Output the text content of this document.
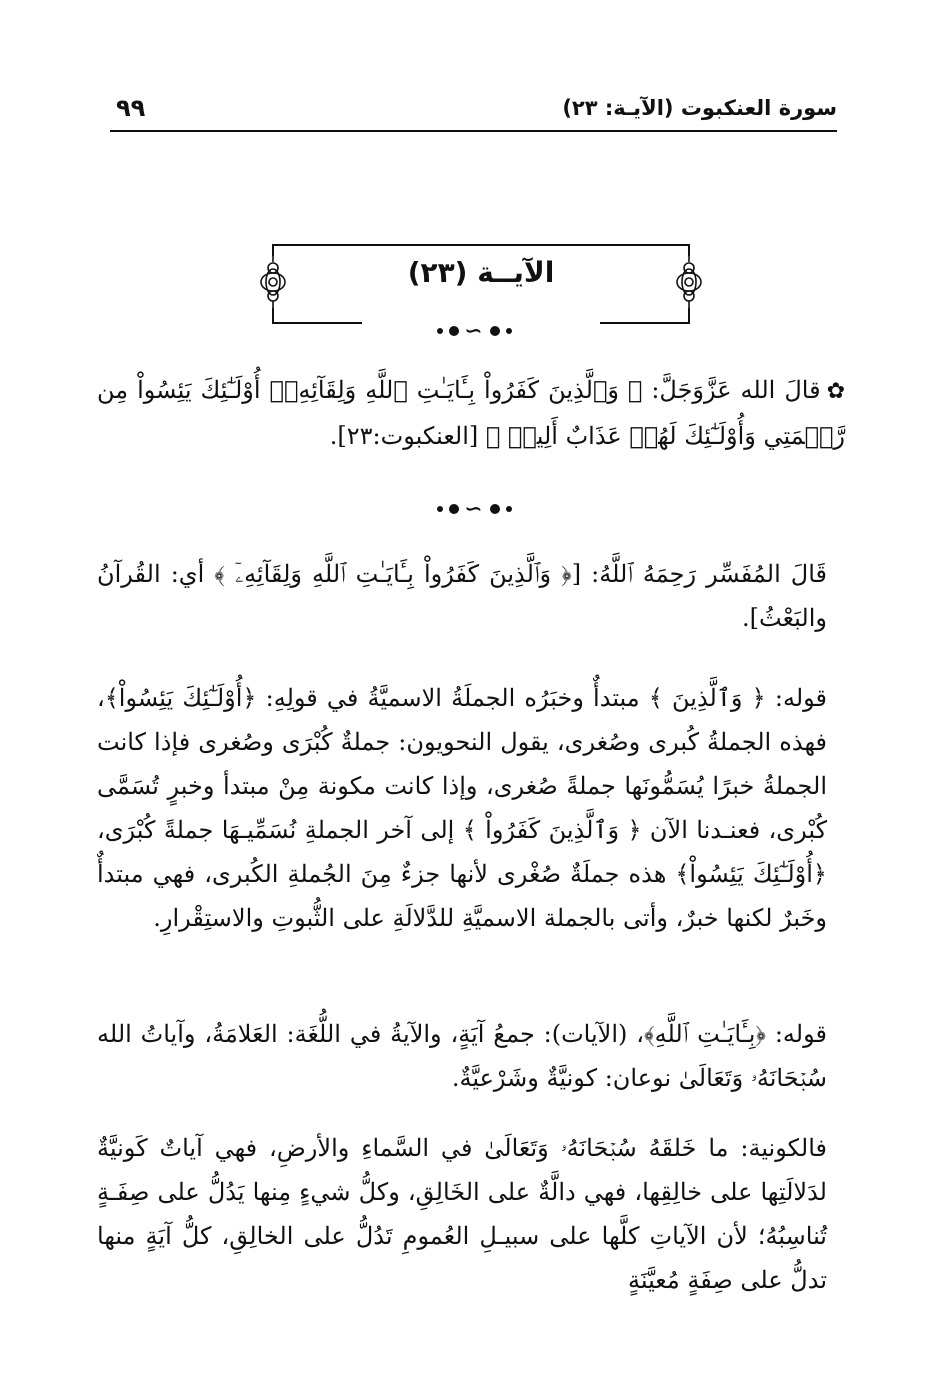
سورة العنكبوت (الآيـة: ٢٣)
٩٩
الآيــة (٢٣)
∽
✿قالَ الله عَزَّوَجَلَّ: ﴿ وَٱلَّذِينَ كَفَرُواْ بِـَٔايَـٰتِ ٱللَّهِ وَلِقَآئِهِۦٓ أُوْلَـٰٓئِكَ يَئِسُواْ مِن رَّحۡمَتِي وَأُوْلَـٰٓئِكَ لَهُمۡ عَذَابٌ أَلِيمٞ ﴾ [العنكبوت:٢٣].
∽
قَالَ المُفَسِّر رَحِمَهُ ٱللَّهُ: [﴿ وَٱلَّذِينَ كَفَرُواْ بِـَٔايَـٰتِ ٱللَّهِ وَلِقَآئِهِۦٓ ﴾ أي: القُرآنُ والبَعْثُ].
قوله: ﴿ وَٱلَّذِينَ ﴾ مبتدأٌ وخبَرُه الجملَةُ الاسميَّةُ في قولِهِ: ﴿أُوْلَـٰٓئِكَ يَئِسُواْ﴾، فهذه الجملةُ كُبرى وصُغرى، يقول النحويون: جملةٌ كُبْرَى وصُغرى فإذا كانت الجملةُ خبرًا يُسَمُّونَها جملةً صُغرى، وإذا كانت مكونة مِنْ مبتدأ وخبرٍ تُسَمَّى كُبْرى، فعنـدنا الآن ﴿ وَٱلَّذِينَ كَفَرُواْ ﴾ إلى آخر الجملةِ نُسَمِّيـهَا جملةً كُبْرَى، ﴿أُوْلَـٰٓئِكَ يَئِسُواْ﴾ هذه جملَةٌ صُغْرى لأنها جزءٌ مِنَ الجُملةِ الكُبرى، فهي مبتدأٌ وخَبرٌ لكنها خبرٌ، وأتى بالجملة الاسميَّةِ للدَّلالَةِ على الثُّبوتِ والاستِقْرارِ.
قوله: ﴿بِـَٔايَـٰتِ ٱللَّهِ﴾، (الآيات): جمعُ آيَةٍ، والآيةُ في اللُّغَة: العَلامَةُ، وآياتُ الله سُبۡحَانَهُۥ وَتَعَالَىٰ نوعان: كونيَّةٌ وشَرْعيَّةٌ.
فالكونية: ما خَلقَهُ سُبۡحَانَهُۥ وَتَعَالَىٰ في السَّماءِ والأرضِ، فهي آياتٌ كَونيَّةٌ لدَلالَتِها على خالِقِها، فهي دالَّةٌ على الخَالِقِ، وكلُّ شيءٍ مِنها يَدُلُّ على صِفَـةٍ تُناسِبُهُ؛ لأن الآياتِ كلَّها على سبيـلِ العُمومِ تَدُلُّ على الخالِقِ، كلُّ آيَةٍ منها تدلُّ على صِفَةٍ مُعيَّنَةٍ
